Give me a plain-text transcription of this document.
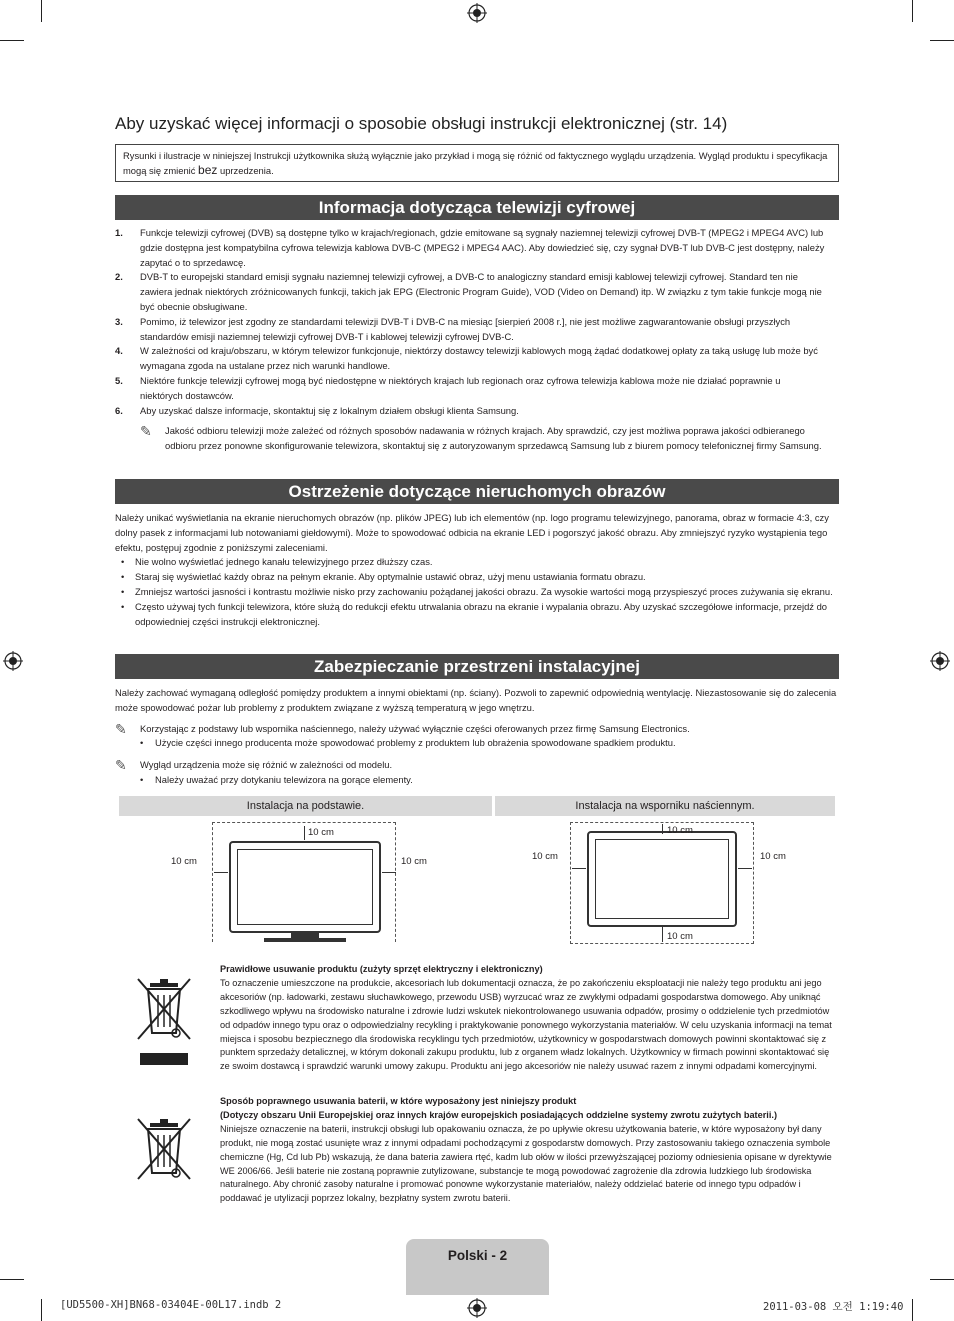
Aby uzyskać więcej informacji o sposobie obsługi instrukcji elektronicznej (str. 14)
Rysunki i ilustracje w niniejszej Instrukcji użytkownika służą wyłącznie jako przykład i mogą się różnić od faktycznego wyglądu urządzenia. Wygląd produktu i specyfikacja mogą się zmienić bez uprzedzenia.
Informacja dotycząca telewizji cyfrowej
1.	Funkcje telewizji cyfrowej (DVB) są dostępne tylko w krajach/regionach, gdzie emitowane są sygnały naziemnej telewizji cyfrowej DVB-T (MPEG2 i MPEG4 AVC) lub gdzie dostępna jest kompatybilna cyfrowa telewizja kablowa DVB-C (MPEG2 i MPEG4 AAC). Aby dowiedzieć się, czy sygnał DVB-T lub DVB-C jest dostępny, należy zapytać o to sprzedawcę.
2.	DVB-T to europejski standard emisji sygnału naziemnej telewizji cyfrowej, a DVB-C to analogiczny standard emisji kablowej telewizji cyfrowej. Standard ten nie zawiera jednak niektórych zróżnicowanych funkcji, takich jak EPG (Electronic Program Guide), VOD (Video on Demand) itp. W związku z tym takie funkcje mogą nie być obecnie obsługiwane.
3.	Pomimo, iż telewizor jest zgodny ze standardami telewizji DVB-T i DVB-C na miesiąc [sierpień 2008 r.], nie jest możliwe zagwarantowanie obsługi przyszłych standardów emisji naziemnej telewizji cyfrowej DVB-T i kablowej telewizji cyfrowej DVB-C.
4.	W zależności od kraju/obszaru, w którym telewizor funkcjonuje, niektórzy dostawcy telewizji kablowych mogą żądać dodatkowej opłaty za taką usługę lub może być wymagana zgoda na ustalane przez nich warunki handlowe.
5.	Niektóre funkcje telewizji cyfrowej mogą być niedostępne w niektórych krajach lub regionach oraz cyfrowa telewizja kablowa może nie działać poprawnie u niektórych dostawców.
6.	Aby uzyskać dalsze informacje, skontaktuj się z lokalnym działem obsługi klienta Samsung.
✎	Jakość odbioru telewizji może zależeć od różnych sposobów nadawania w różnych krajach. Aby sprawdzić, czy jest możliwa poprawa jakości odbieranego odbioru przez ponowne skonfigurowanie telewizora, skontaktuj się z autoryzowanym sprzedawcą Samsung lub z biurem pomocy telefonicznej firmy Samsung.
Ostrzeżenie dotyczące nieruchomych obrazów
Należy unikać wyświetlania na ekranie nieruchomych obrazów (np. plików JPEG) lub ich elementów (np. logo programu telewizyjnego, panorama, obraz w formacie 4:3, czy dolny pasek z informacjami lub notowaniami giełdowymi). Może to spowodować odbicia na ekranie LED i pogorszyć jakość obrazu. Aby zmniejszyć ryzyko wystąpienia tego efektu, postępuj zgodnie z poniższymi zaleceniami.
•	Nie wolno wyświetlać jednego kanału telewizyjnego przez dłuższy czas.
•	Staraj się wyświetlać każdy obraz na pełnym ekranie. Aby optymalnie ustawić obraz, użyj menu ustawiania formatu obrazu.
•	Zmniejsz wartości jasności i kontrastu możliwie nisko przy zachowaniu pożądanej jakości obrazu. Za wysokie wartości mogą przyspieszyć proces zużywania się ekranu.
•	Często używaj tych funkcji telewizora, które służą do redukcji efektu utrwalania obrazu na ekranie i wypalania obrazu. Aby uzyskać szczegółowe informacje, przejdź do odpowiedniej części instrukcji elektronicznej.
Zabezpieczanie przestrzeni instalacyjnej
Należy zachować wymaganą odległość pomiędzy produktem a innymi obiektami (np. ściany). Pozwoli to zapewnić odpowiednią wentylację. Niezastosowanie się do zalecenia może spowodować pożar lub problemy z produktem związane z wyższą temperaturą w jego wnętrzu.
✎	Korzystając z podstawy lub wspornika naściennego, należy używać wyłącznie części oferowanych przez firmę Samsung Electronics.
•	Użycie części innego producenta może spowodować problemy z produktem lub obrażenia spowodowane spadkiem produktu.
✎	Wygląd urządzenia może się różnić w zależności od modelu.
•	Należy uważać przy dotykaniu telewizora na gorące elementy.
Instalacja na podstawie.	Instalacja na wsporniku naściennym.
10 cm
10 cm	10 cm
10 cm
10 cm
10 cm	10 cm
Prawidłowe usuwanie produktu (zużyty sprzęt elektryczny i elektroniczny)
To oznaczenie umieszczone na produkcie, akcesoriach lub dokumentacji oznacza, że po zakończeniu eksploatacji nie należy tego produktu ani jego akcesoriów (np. ładowarki, zestawu słuchawkowego, przewodu USB) wyrzucać wraz ze zwykłymi odpadami gospodarstwa domowego. Aby uniknąć szkodliwego wpływu na środowisko naturalne i zdrowie ludzi wskutek niekontrolowanego usuwania odpadów, prosimy o oddzielenie tych przedmiotów od odpadów innego typu oraz o odpowiedzialny recykling i praktykowanie ponownego wykorzystania materiałów. W celu uzyskania informacji na temat miejsca i sposobu bezpiecznego dla środowiska recyklingu tych przedmiotów, użytkownicy w gospodarstwach domowych powinni skontaktować się z punktem sprzedaży detalicznej, w którym dokonali zakupu produktu, lub z organem władz lokalnych. Użytkownicy w firmach powinni skontaktować się ze swoim dostawcą i sprawdzić warunki umowy zakupu. Produktu ani jego akcesoriów nie należy usuwać razem z innymi odpadami komercyjnymi.
Sposób poprawnego usuwania baterii, w które wyposażony jest niniejszy produkt
(Dotyczy obszaru Unii Europejskiej oraz innych krajów europejskich posiadających oddzielne systemy zwrotu zużytych baterii.)
Niniejsze oznaczenie na baterii, instrukcji obsługi lub opakowaniu oznacza, że po upływie okresu użytkowania baterie, w które wyposażony był dany produkt, nie mogą zostać usunięte wraz z innymi odpadami pochodzącymi z gospodarstw domowych. Przy zastosowaniu takiego oznaczenia symbole chemiczne (Hg, Cd lub Pb) wskazują, że dana bateria zawiera rtęć, kadm lub ołów w ilości przewyższającej poziomy odniesienia opisane w dyrektywie WE 2006/66. Jeśli baterie nie zostaną poprawnie zutylizowane, substancje te mogą powodować zagrożenie dla zdrowia ludzkiego lub środowiska naturalnego. Aby chronić zasoby naturalne i promować ponowne wykorzystanie materiałów, należy oddzielać baterie od innego typu odpadów i poddawać je utylizacji poprzez lokalny, bezpłatny system zwrotu baterii.
Polski - 2
[UD5500-XH]BN68-03404E-00L17.indb 2	2011-03-08 오전 1:19:40
